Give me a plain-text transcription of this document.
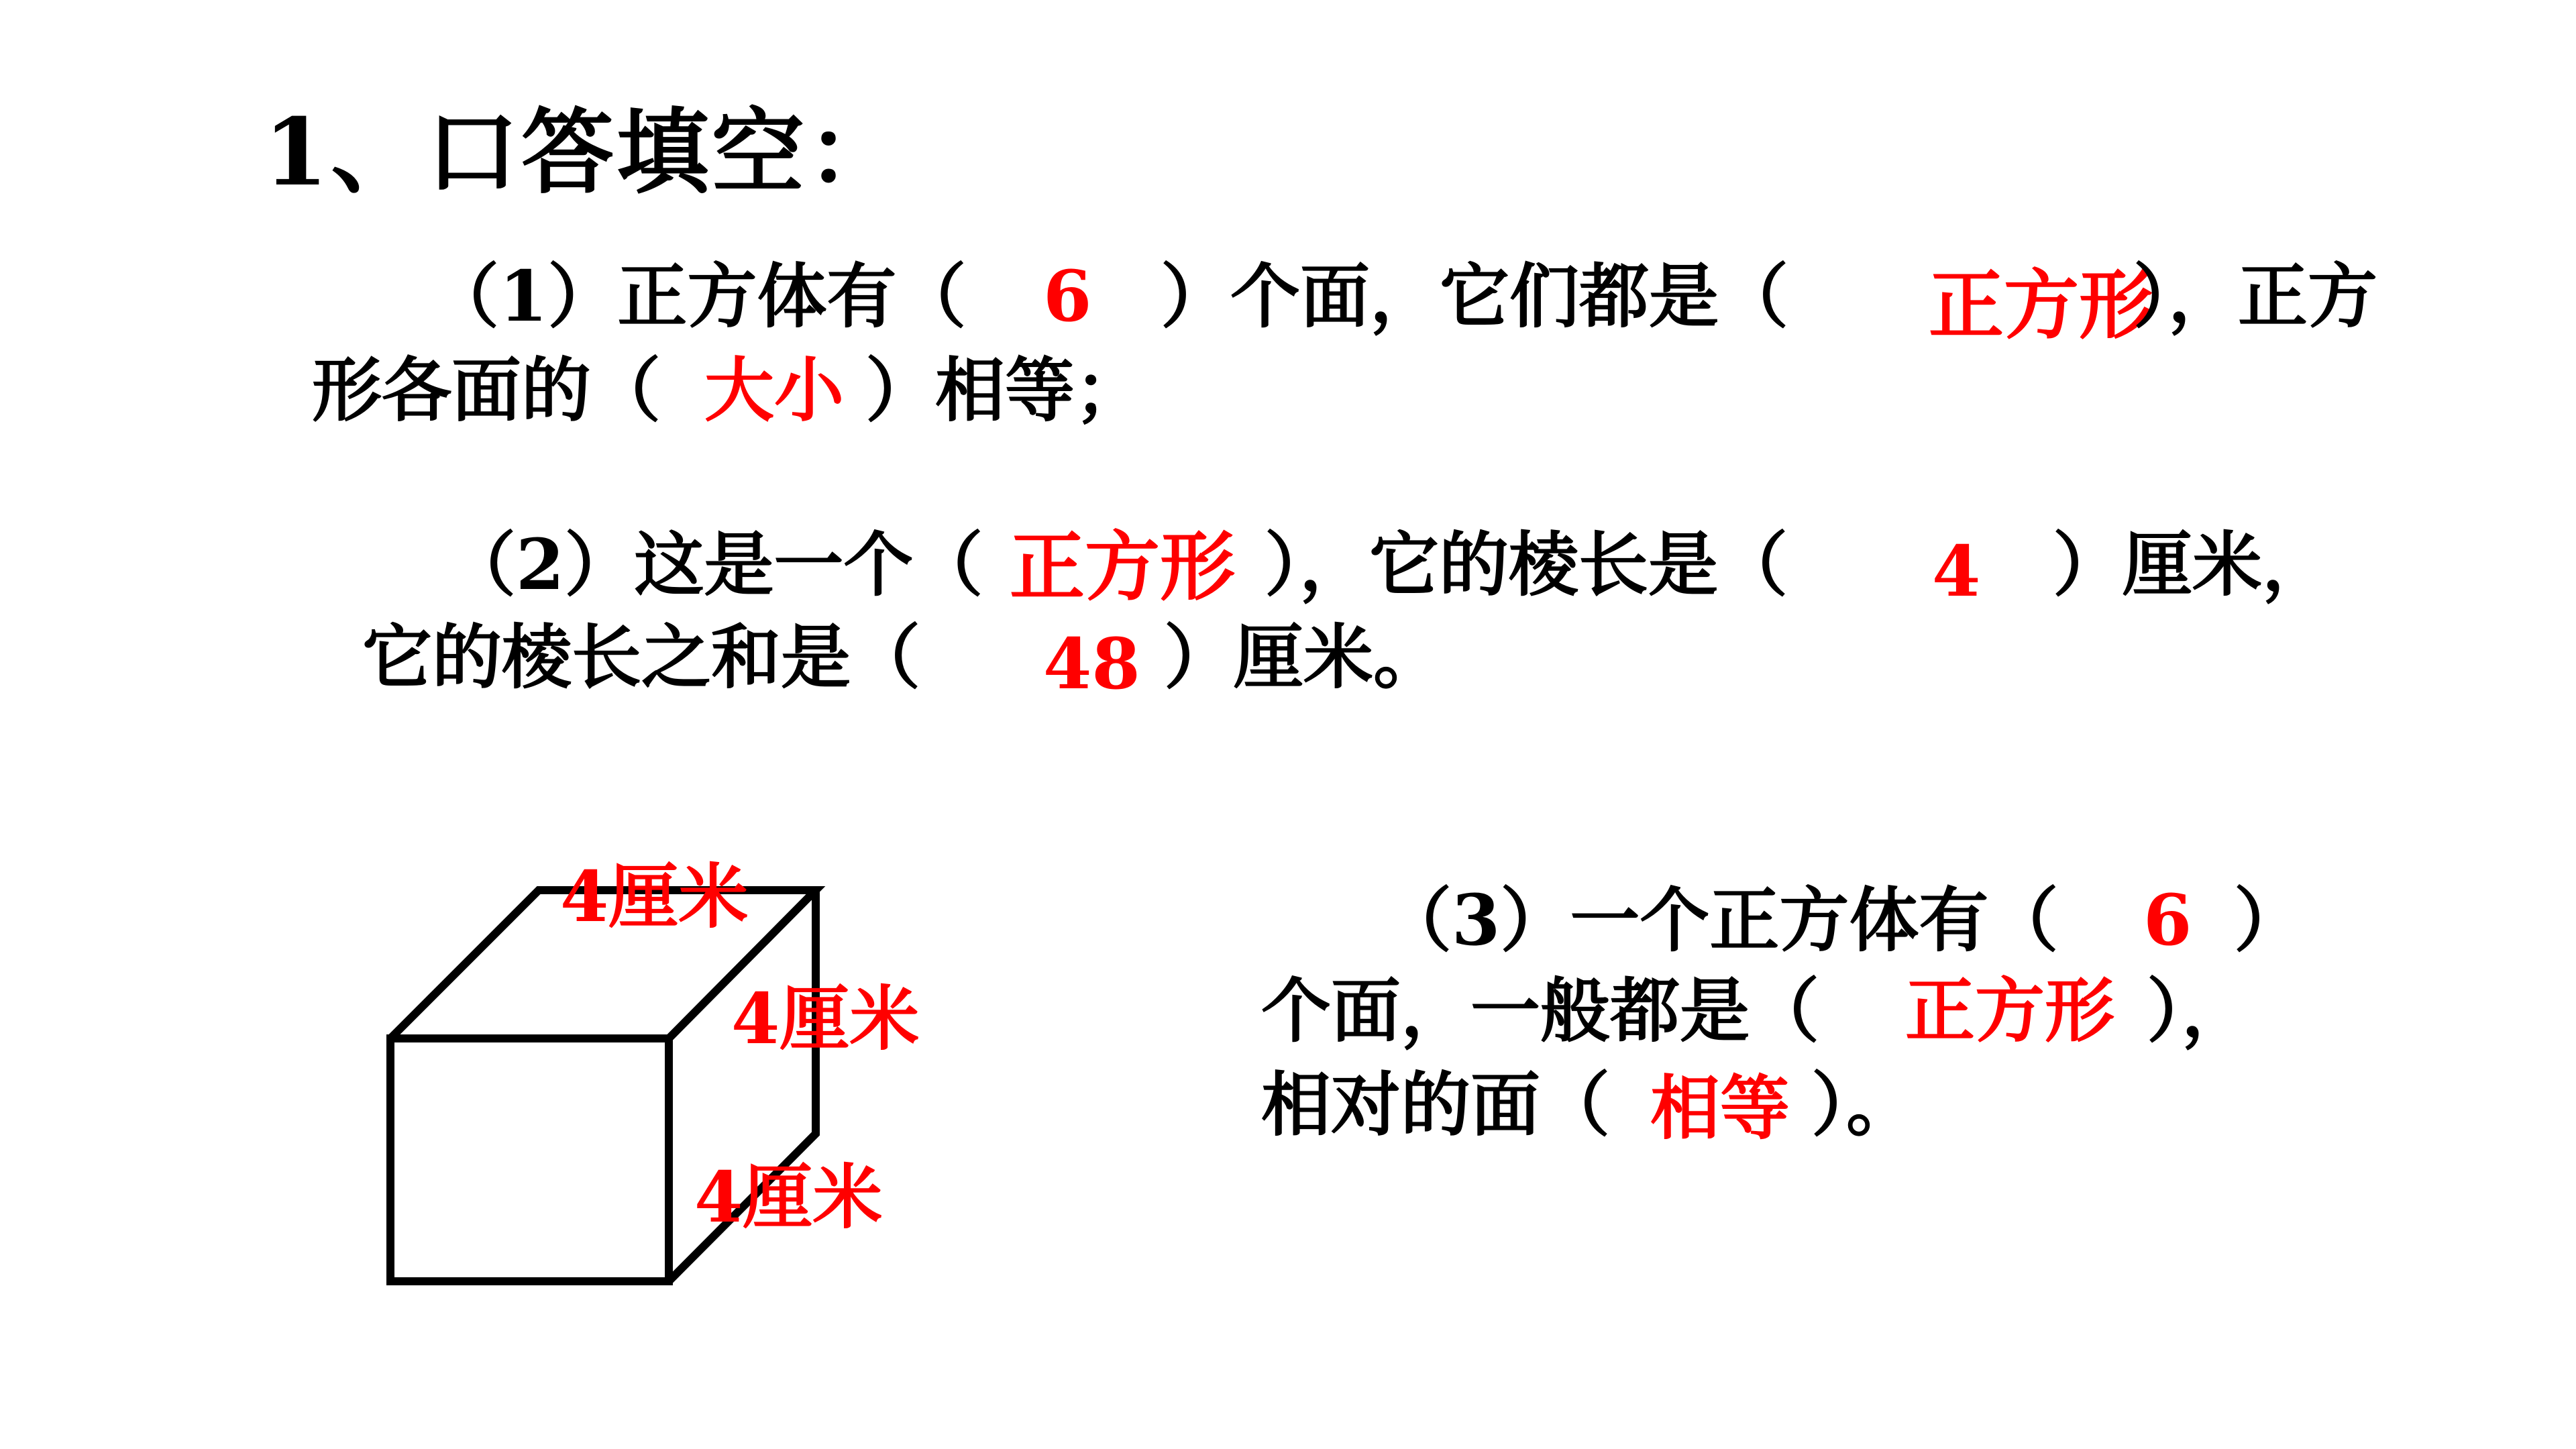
1、口答填空：
（1）正方体有（ 6 ）个面，它们都是（ 正方形
），正方
形各面的（ 大小 ）相等；
（2）这是一个（ 正方形 ），它的棱长是（ 4 ）厘米，
它的棱长之和是（ 48 ）厘米。
4厘米
4厘米
4厘米
（3）一个正方体有（ 6 ）
个面，一般都是（ 正方形 ），
相对的面（ 相等 ）。
